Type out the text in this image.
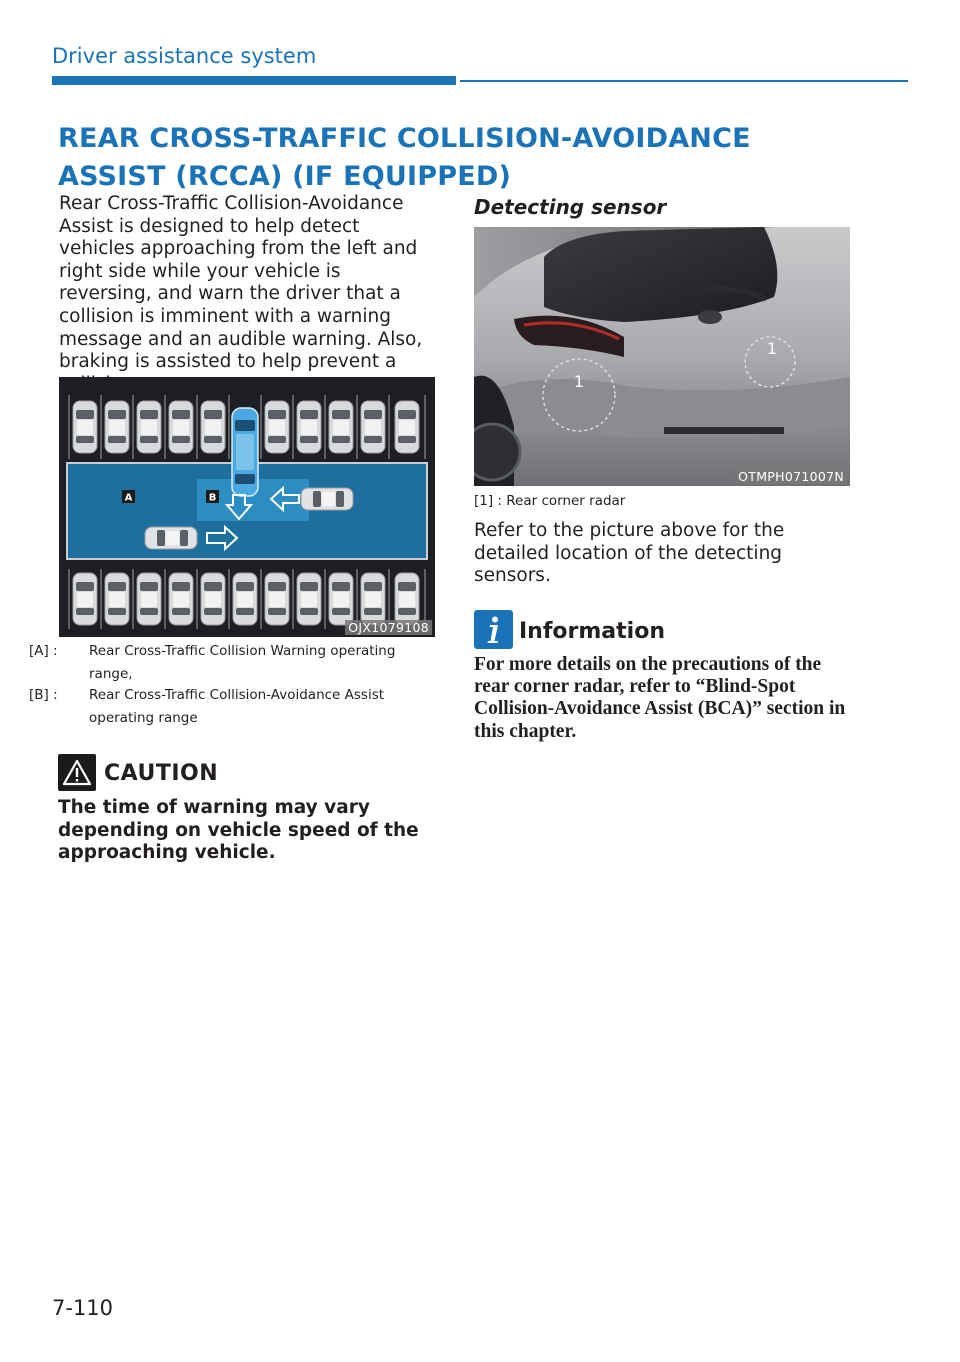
Driver assistance system
REAR CROSS-TRAFFIC COLLISION-AVOIDANCE ASSIST (RCCA) (IF EQUIPPED)
Rear Cross-Traffic Collision-Avoidance Assist is designed to help detect vehicles approaching from the left and right side while your vehicle is reversing, and warn the driver that a collision is imminent with a warning message and an audible warning. Also, braking is assisted to help prevent a
A	B
OJX1079108
[A] : Rear Cross-Traffic Collision Warning operating range,
[B] : Rear Cross-Traffic Collision-Avoidance Assist operating range
CAUTION
The time of warning may vary depending on vehicle speed of the approaching vehicle.
Detecting sensor
1
1
OTMPH071007N
[1] : Rear corner radar
Refer to the picture above for the detailed location of the detecting sensors.
Information
For more details on the precautions of the rear corner radar, refer to “Blind-Spot Collision-Avoidance Assist (BCA)” section in this chapter.
7-110
